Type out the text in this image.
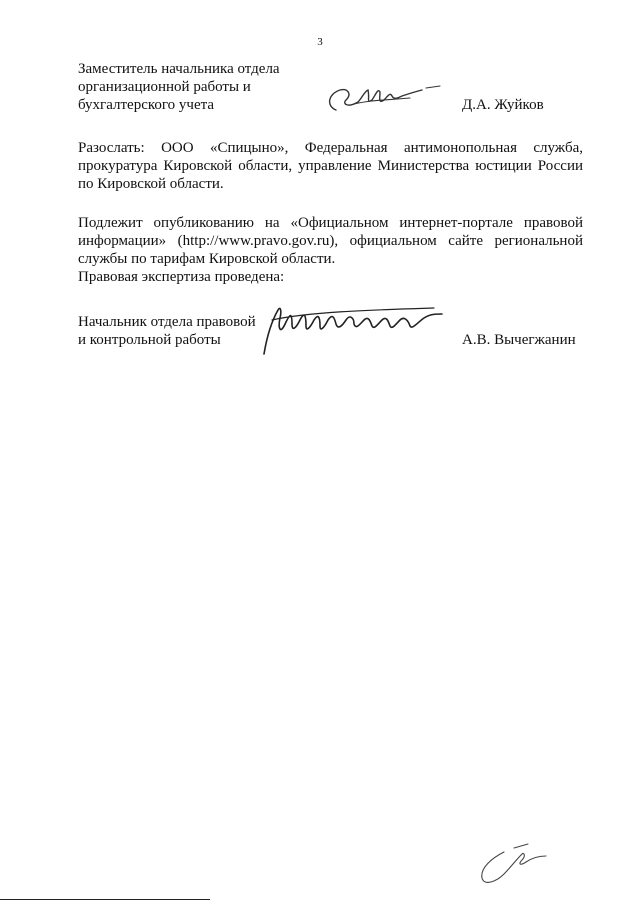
3
Заместитель начальника отдела
организационной работы и
бухгалтерского учета	Д.А. Жуйков
Разослать: ООО «Спицыно», Федеральная антимонопольная служба, прокуратура Кировской области, управление Министерства юстиции России по Кировской области.
Подлежит опубликованию на «Официальном интернет-портале правовой информации» (http://www.pravo.gov.ru), официальном сайте региональной службы по тарифам Кировской области.
Правовая экспертиза проведена:
Начальник отдела правовой
и контрольной работы	А.В. Вычегжанин
